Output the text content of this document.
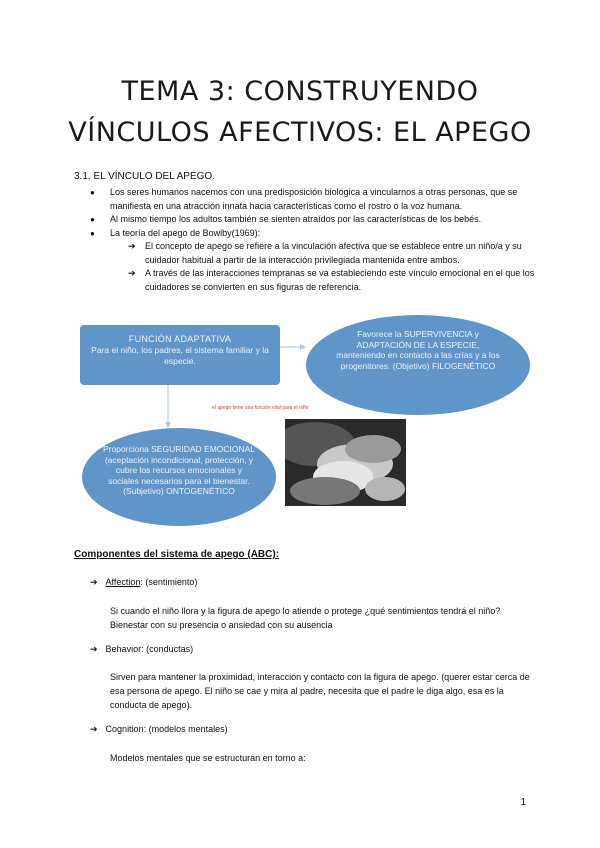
TEMA 3: CONSTRUYENDO
VÍNCULOS AFECTIVOS: EL APEGO
3.1. EL VÍNCULO DEL APEGO.
● Los seres humanos nacemos con una predisposición biológica a vincularnos a otras personas, que se manifiesta en una atracción innata hacia características como el rostro o la voz humana.
● Al mismo tiempo los adultos también se sienten atraídos por las características de los bebés.
● La teoría del apego de Bowlby(1969):
➔ El concepto de apego se refiere a la vinculación afectiva que se establece entre un niño/a y su cuidador habitual a partir de la interacción privilegiada mantenida entre ambos.
➔ A través de las interacciones tempranas se va estableciendo este vínculo emocional en el que los cuidadores se convierten en sus figuras de referencia.
FUNCIÓN ADAPTATIVA
Para el niño, los padres, el sistema familiar y la especie.
Favorece la SUPERVIVENCIA y ADAPTACIÓN DE LA ESPECIE, manteniendo en contacto a las crías y a los progenitores. (Objetivo) FILOGENÉTICO
Proporciona SEGURIDAD EMOCIONAL (aceptación incondicional, protección, y cubre los recursos emocionales y sociales necesarios para el bienestar. (Subjetivo) ONTOGENÉTICO
el apego tiene una función vital para el niño
Componentes del sistema de apego (ABC):
➔ Affection: (sentimiento)
Si cuando el niño llora y la figura de apego lo atiende o protege ¿qué sentimientos tendrá el niño? Bienestar con su presencia o ansiedad con su ausencia
➔ Behavior: (conductas)
Sirven para mantener la proximidad, interacción y contacto con la figura de apego. (querer estar cerca de esa persona de apego. El niño se cae y mira al padre, necesita que el padre le diga algo, esa es la conducta de apego).
➔ Cognition: (modelos mentales)
Modelos mentales que se estructuran en torno a:
1
